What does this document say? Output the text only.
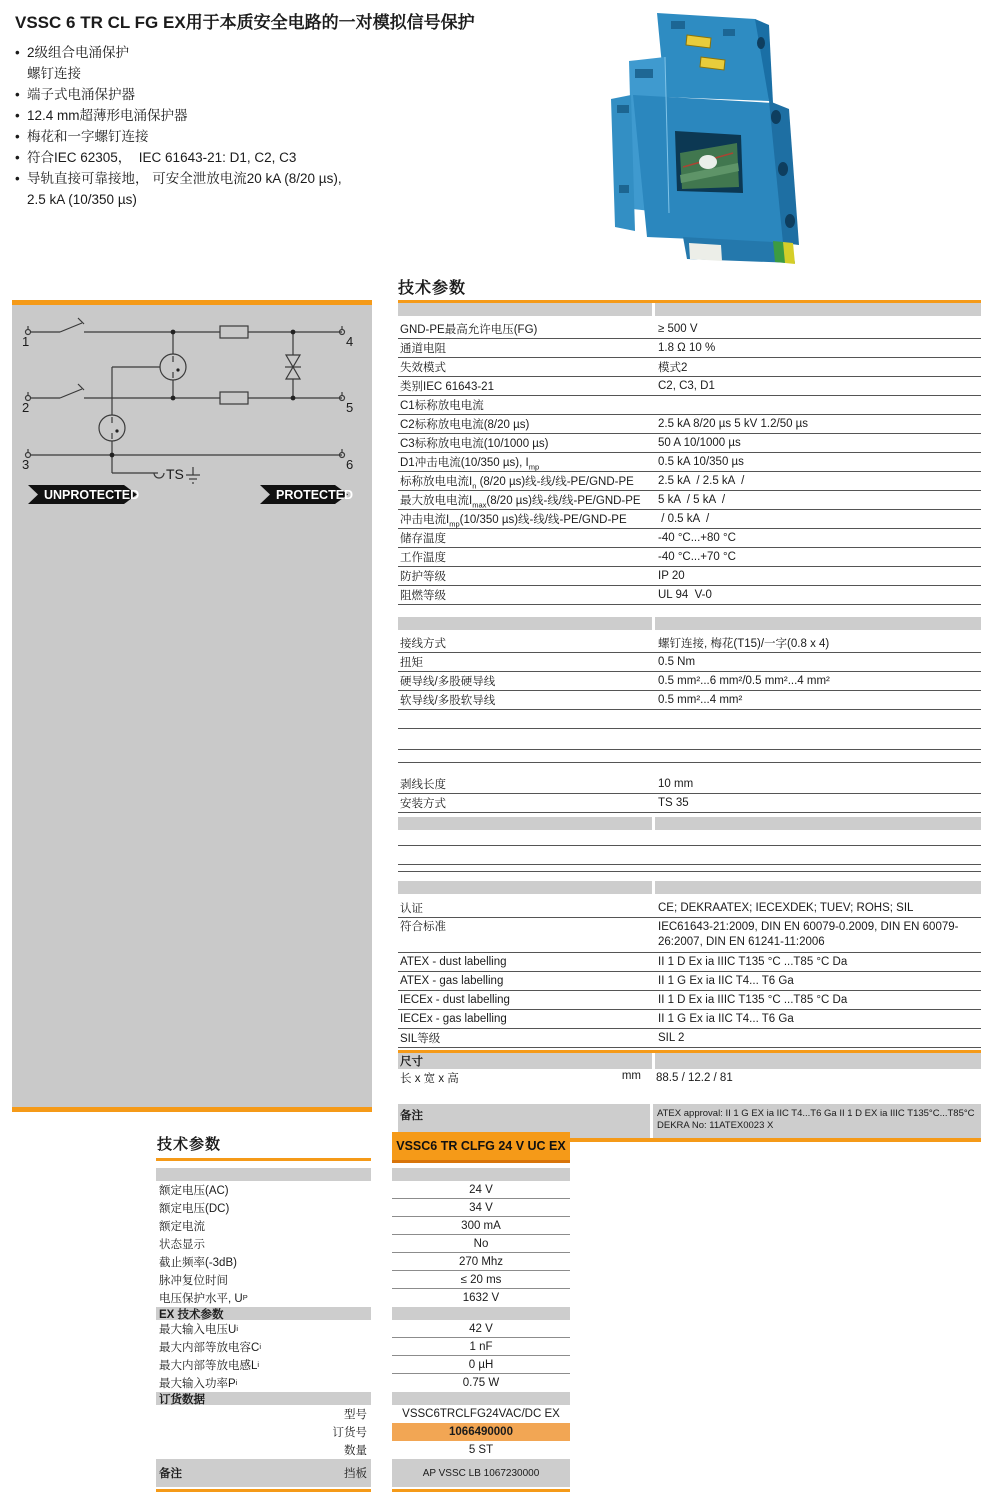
VSSC 6 TR CL FG EX用于本质安全电路的一对模拟信号保护
• 2级组合电涌保护
螺钉连接
• 端子式电涌保护器
• 12.4 mm超薄形电涌保护器
• 梅花和一字螺钉连接
• 符合IEC 62305，  IEC 61643-21: D1, C2, C3
• 导轨直接可靠接地， 可安全泄放电流20 kA (8/20 µs),
2.5 kA (10/350 µs)
1
2
3
4
5
6
TS
UNPROTECTED	PROTECTED
技术参数
GND-PE最高允许电压(FG)	≥ 500 V
通道电阻	1.8 Ω 10 %
失效模式	模式2
类别IEC 61643-21	C2, C3, D1
C1标称放电电流
C2标称放电电流(8/20 µs)	2.5 kA 8/20 µs 5 kV 1.2/50 µs
C3标称放电电流(10/1000 µs)	50 A 10/1000 µs
D1冲击电流(10/350 µs), $I_{mp}$	0.5 kA 10/350 µs
标称放电电流$I_n$ (8/20 µs)线-线/线-PE/GND-PE	2.5 kA  / 2.5 kA  /
最大放电电流$I_{max}(8/20$ µs)线-线/线-PE/GND-PE	5 kA  / 5 kA  /
冲击电流$I_{mp}(10/350$ µs)线-线/线-PE/GND-PE	/ 0.5 kA  /
储存温度	-40 °C...+80 °C
工作温度	-40 °C...+70 °C
防护等级	IP 20
阻燃等级	UL 94  V-0
接线方式	螺钉连接, 梅花(T15)/一字(0.8 x 4)
扭矩	0.5 Nm
硬导线/多股硬导线	0.5 mm²...6 mm²/0.5 mm²...4 mm²
软导线/多股软导线	0.5 mm²...4 mm²
剥线长度	10 mm
安装方式	TS 35
认证	CE; DEKRAATEX; IECEXDEK; TUEV; ROHS; SIL
符合标准	IEC61643-21:2009, DIN EN 60079-0.2009, DIN EN 60079-26:2007, DIN EN 61241-11:2006
ATEX - dust labelling	II 1 D Ex ia IIIC T135 °C ...T85 °C Da
ATEX - gas labelling	II 1 G Ex ia IIC T4... T6 Ga
IECEx - dust labelling	II 1 D Ex ia IIIC T135 °C ...T85 °C Da
IECEx - gas labelling	II 1 G Ex ia IIC T4... T6 Ga
SIL等级	SIL 2
尺寸
长 x 宽 x 高	mm 88.5 / 12.2 / 81
备注	ATEX approval: II 1 G EX ia IIC T4...T6 Ga II 1 D EX ia IIIC T135°C...T85°C
DEKRA No: 11ATEX0023 X
技术参数	VSSC6 TR CLFG 24 V UC EX
额定电压(AC)	24 V
额定电压(DC)	34 V
额定电流	300 mA
状态显示	No
截止频率(-3dB)	270 Mhz
脉冲复位时间	≤ 20 ms
电压保护水平, U P	1632 V
EX 技术参数
最大输入电压U i	42 V
最大内部等放电容C i	1 nF
最大内部等放电感L i	0 µH
最大输入功率P i	0.75 W
订货数据
型号	VSSC6TRCLFG24VAC/DC EX
订货号	1066490000
数量	5 ST
备注	挡板	AP VSSC LB 1067230000
